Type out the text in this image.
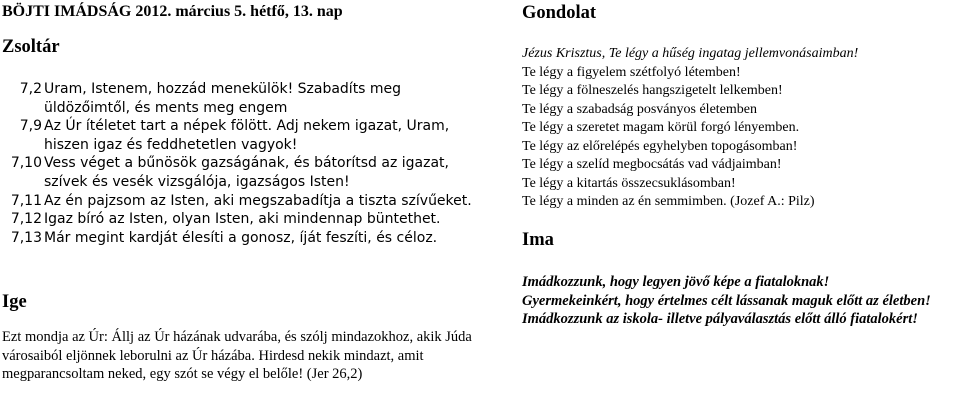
BÖJTI IMÁDSÁG 2012. március 5. hétfő, 13. nap
Zsoltár
7,2 Uram, Istenem, hozzád menekülök! Szabadíts meg üldözőimtől, és ments meg engem
7,9 Az Úr ítéletet tart a népek fölött. Adj nekem igazat, Uram, hiszen igaz és feddhetetlen vagyok!
7,10 Vess véget a bűnösök gazságának, és bátorítsd az igazat, szívek és vesék vizsgálója, igazságos Isten!
7,11 Az én pajzsom az Isten, aki megszabadítja a tiszta szívűeket.
7,12 Igaz bíró az Isten, olyan Isten, aki mindennap büntethet.
7,13 Már megint kardját élesíti a gonosz, íját feszíti, és céloz.
Ige
Ezt mondja az Úr: Állj az Úr házának udvarába, és szólj mindazokhoz, akik Júda városaiból eljönnek leborulni az Úr házába. Hirdesd nekik mindazt, amit megparancsoltam neked, egy szót se végy el belőle! (Jer 26,2)
Gondolat
Jézus Krisztus, Te légy a hűség ingatag jellemvonásaimban!
Te légy a figyelem szétfolyó létemben!
Te légy a fölneszelés hangszigetelt lelkemben!
Te légy a szabadság posványos életemben
Te légy a szeretet magam körül forgó lényemben.
Te légy az előrelépés egyhelyben topogásomban!
Te légy a szelíd megbocsátás vad vádjaimban!
Te légy a kitartás összecsuklásomban!
Te légy a minden az én semmimben. (Jozef A.: Pilz)
Ima

Imádkozzunk, hogy legyen jövő képe a fiataloknak!

Gyermekeinkért, hogy értelmes célt lássanak maguk előtt az életben!

Imádkozzunk az iskola- illetve pályaválasztás előtt álló fiatalokért!
